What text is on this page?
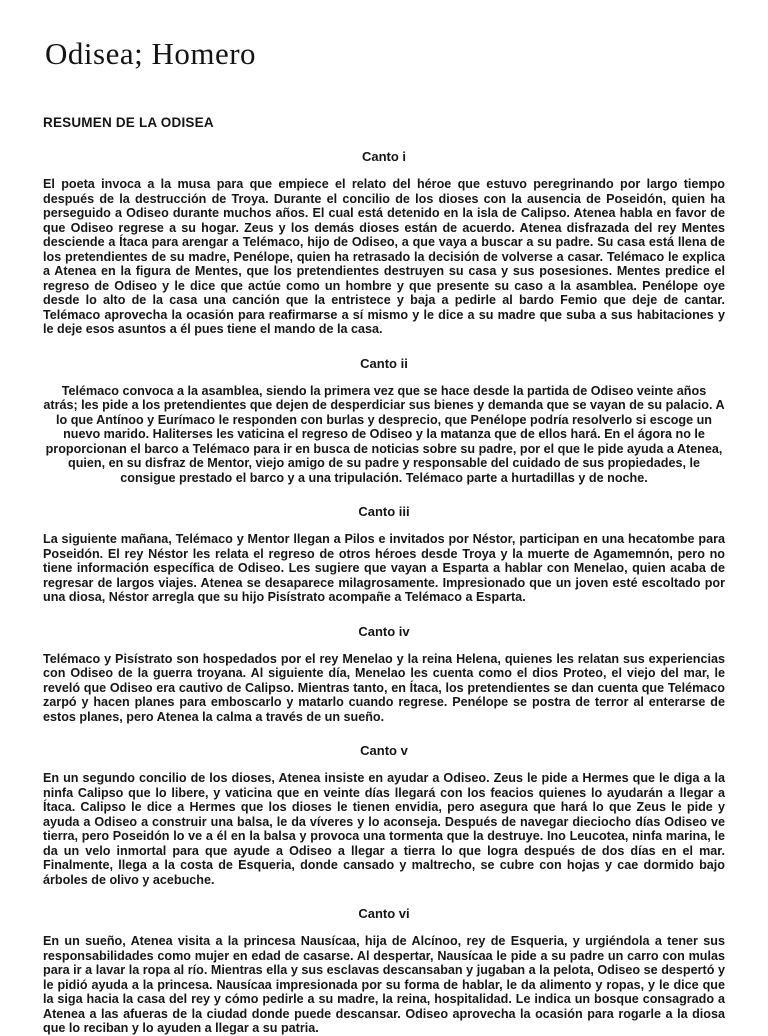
Odisea; Homero
RESUMEN DE LA ODISEA
Canto i

El poeta invoca a la musa para que empiece el relato del héroe que estuvo peregrinando por largo tiempo después de la destrucción de Troya. Durante el concilio de los dioses con la ausencia de Poseidón, quien ha perseguido a Odiseo durante muchos años. El cual está detenido en la isla de Calipso. Atenea habla en favor de que Odiseo regrese a su hogar. Zeus y los demás dioses están de acuerdo. Atenea disfrazada del rey Mentes desciende a Ítaca para arengar a Telémaco, hijo de Odiseo, a que vaya a buscar a su padre. Su casa está llena de los pretendientes de su madre, Penélope, quien ha retrasado la decisión de volverse a casar. Telémaco le explica a Atenea en la figura de Mentes, que los pretendientes destruyen su casa y sus posesiones. Mentes predice el regreso de Odiseo y le dice que actúe como un hombre y que presente su caso a la asamblea. Penélope oye desde lo alto de la casa una canción que la entristece y baja a pedirle al bardo Femio que deje de cantar. Telémaco aprovecha la ocasión para reafirmarse a sí mismo y le dice a su madre que suba a sus habitaciones y le deje esos asuntos a él pues tiene el mando de la casa.

Canto ii

Telémaco convoca a la asamblea, siendo la primera vez que se hace desde la partida de Odiseo veinte años atrás; les pide a los pretendientes que dejen de desperdiciar sus bienes y demanda que se vayan de su palacio. A lo que Antínoo y Eurímaco le responden con burlas y desprecio, que Penélope podría resolverlo si escoge un nuevo marido. Haliterses les vaticina el regreso de Odiseo y la matanza que de ellos hará. En el ágora no le proporcionan el barco a Telémaco para ir en busca de noticias sobre su padre, por el que le pide ayuda a Atenea, quien, en su disfraz de Mentor, viejo amigo de su padre y responsable del cuidado de sus propiedades, le consigue prestado el barco y a una tripulación. Telémaco parte a hurtadillas y de noche.

Canto iii

La siguiente mañana, Telémaco y Mentor llegan a Pilos e invitados por Néstor, participan en una hecatombe para Poseidón. El rey Néstor les relata el regreso de otros héroes desde Troya y la muerte de Agamemnón, pero no tiene información específica de Odiseo. Les sugiere que vayan a Esparta a hablar con Menelao, quien acaba de regresar de largos viajes. Atenea se desaparece milagrosamente. Impresionado que un joven esté escoltado por una diosa, Néstor arregla que su hijo Pisístrato acompañe a Telémaco a Esparta.

Canto iv

Telémaco y Pisístrato son hospedados por el rey Menelao y la reina Helena, quienes les relatan sus experiencias con Odiseo de la guerra troyana. Al siguiente día, Menelao les cuenta como el dios Proteo, el viejo del mar, le reveló que Odiseo era cautivo de Calipso. Mientras tanto, en Ítaca, los pretendientes se dan cuenta que Telémaco zarpó y hacen planes para emboscarlo y matarlo cuando regrese. Penélope se postra de terror al enterarse de estos planes, pero Atenea la calma a través de un sueño.

Canto v

En un segundo concilio de los dioses, Atenea insiste en ayudar a Odiseo. Zeus le pide a Hermes que le diga a la ninfa Calipso que lo libere, y vaticina que en veinte días llegará con los feacios quienes lo ayudarán a llegar a Ítaca. Calipso le dice a Hermes que los dioses le tienen envidia, pero asegura que hará lo que Zeus le pide y ayuda a Odiseo a construir una balsa, le da víveres y lo aconseja. Después de navegar dieciocho días Odiseo ve tierra, pero Poseidón lo ve a él en la balsa y provoca una tormenta que la destruye. Ino Leucotea, ninfa marina, le da un velo inmortal para que ayude a Odiseo a llegar a tierra lo que logra después de dos días en el mar. Finalmente, llega a la costa de Esqueria, donde cansado y maltrecho, se cubre con hojas y cae dormido bajo árboles de olivo y acebuche.

Canto vi

En un sueño, Atenea visita a la princesa Nausícaa, hija de Alcínoo, rey de Esqueria, y urgiéndola a tener sus responsabilidades como mujer en edad de casarse. Al despertar, Nausícaa le pide a su padre un carro con mulas para ir a lavar la ropa al río. Mientras ella y sus esclavas descansaban y jugaban a la pelota, Odiseo se despertó y le pidió ayuda a la princesa. Nausícaa impresionada por su forma de hablar, le da alimento y ropas, y le dice que la siga hacia la casa del rey y cómo pedirle a su madre, la reina, hospitalidad. Le indica un bosque consagrado a Atenea a las afueras de la ciudad donde puede descansar. Odiseo aprovecha la ocasión para rogarle a la diosa que lo reciban y lo ayuden a llegar a su patria.
